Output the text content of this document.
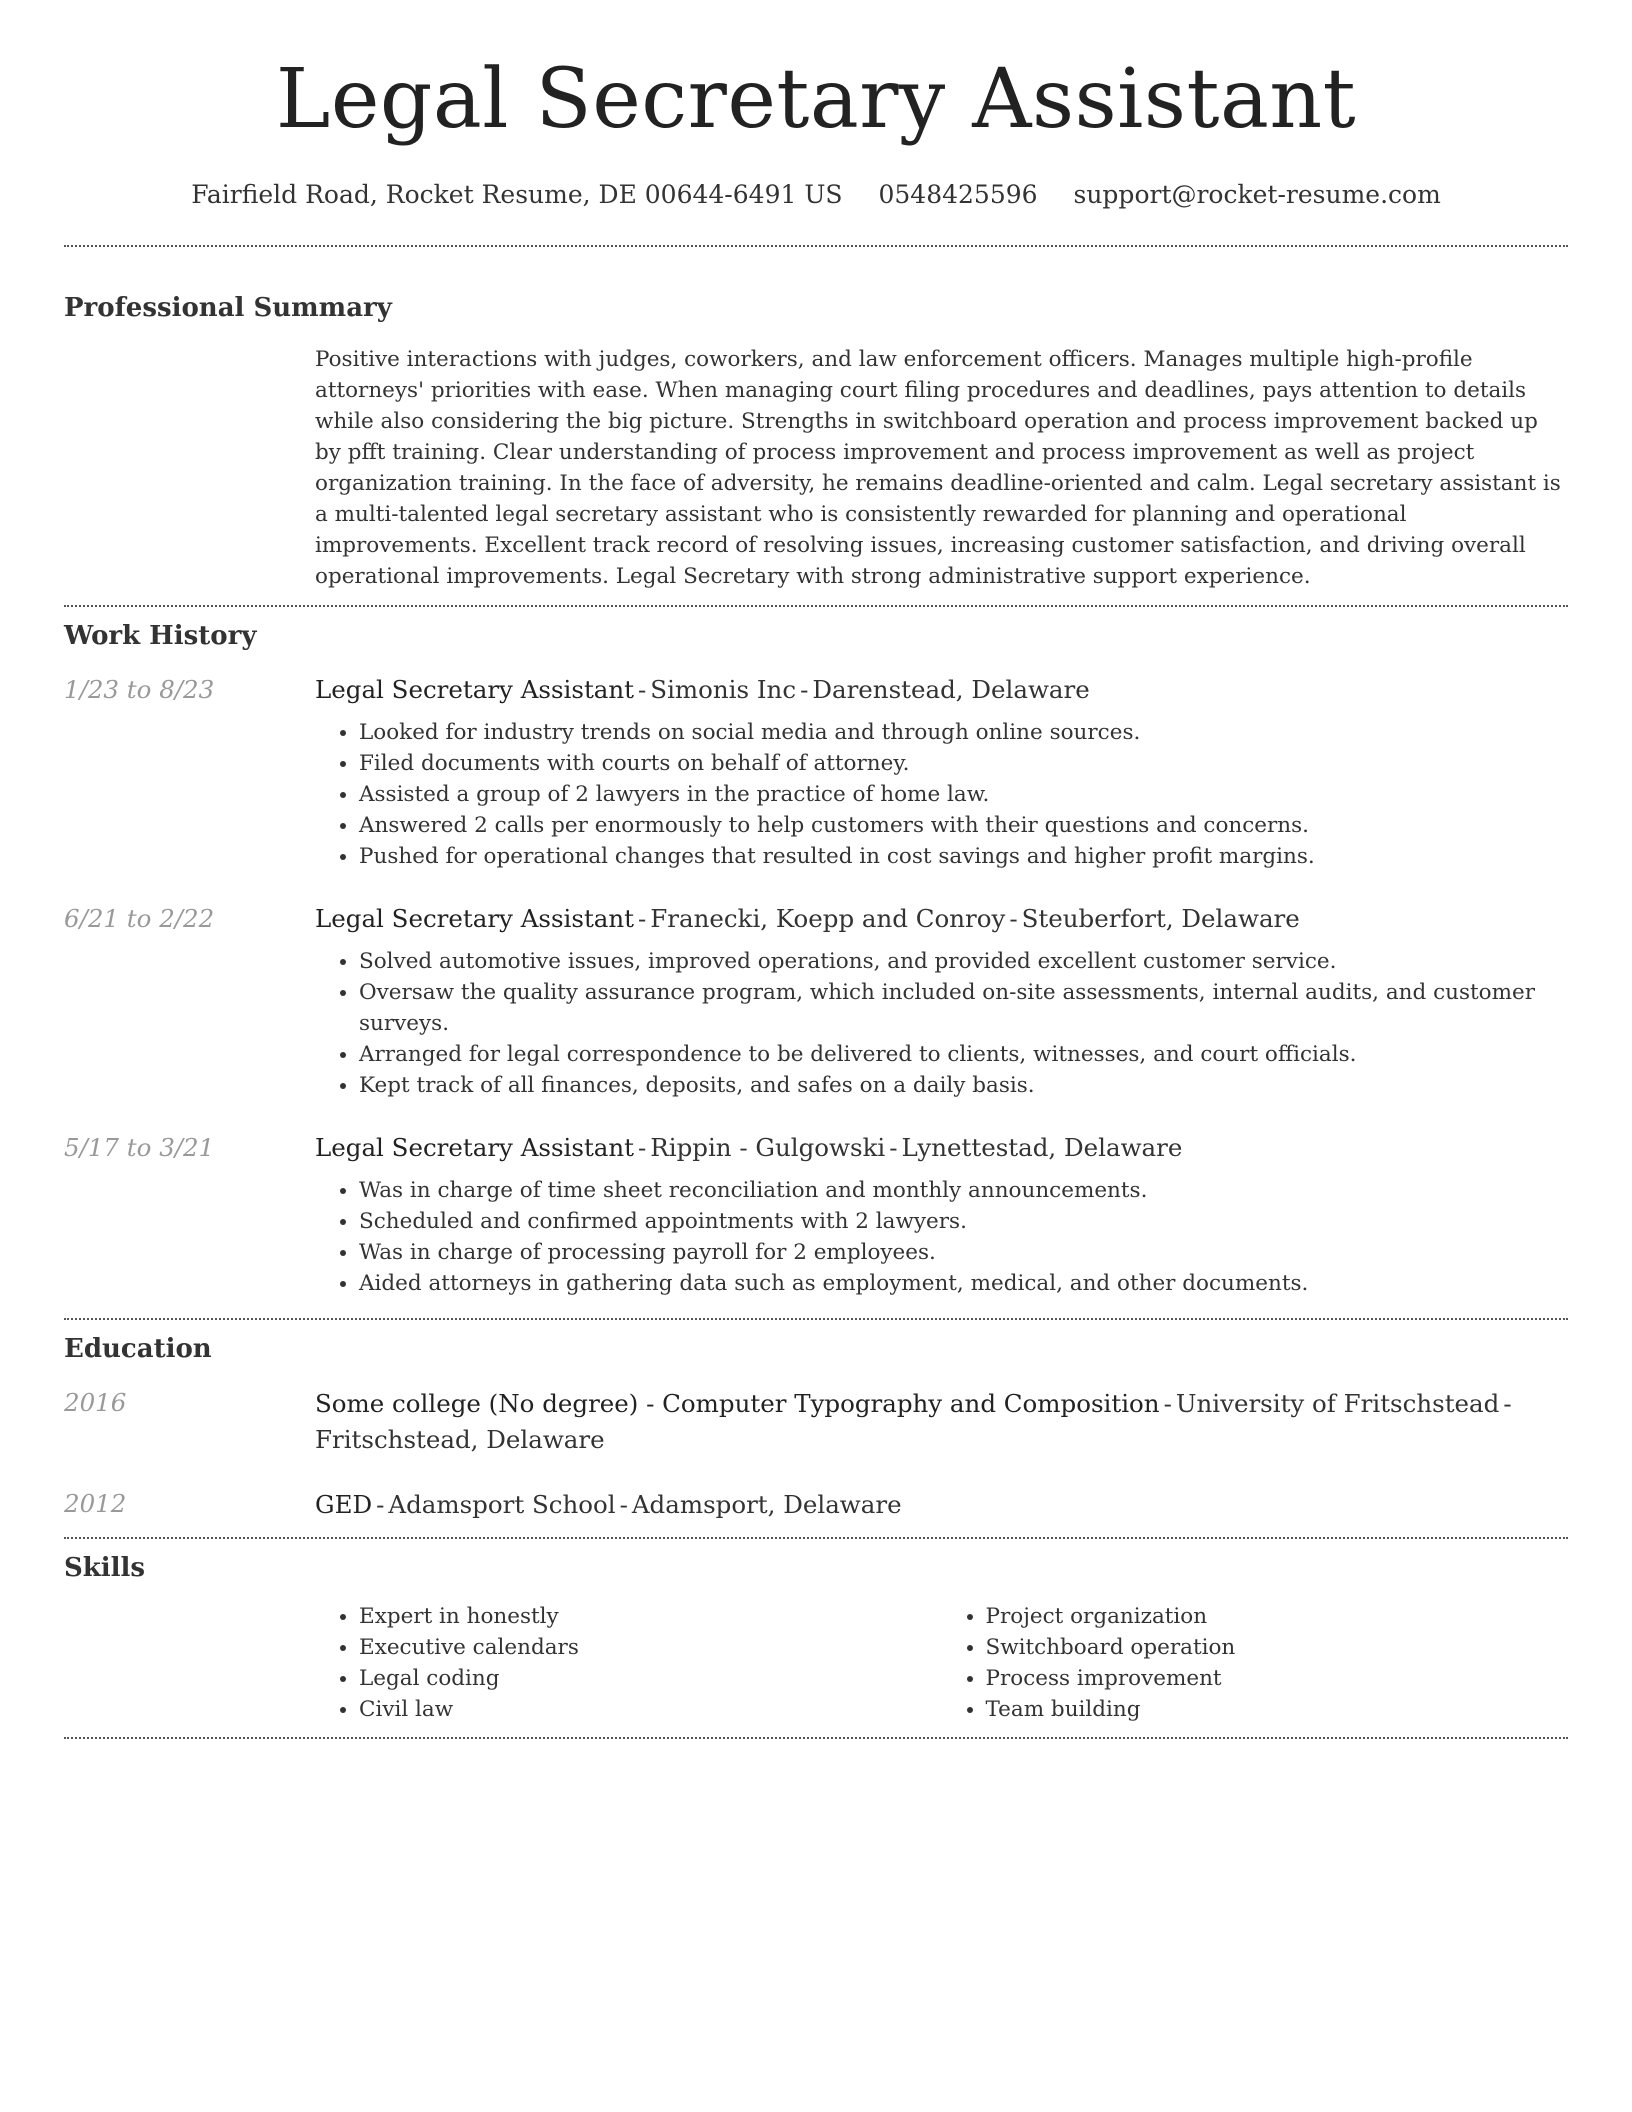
Legal Secretary Assistant
Fairfield Road, Rocket Resume, DE 00644-6491 US 0548425596 support@rocket-resume.com
Professional Summary
Positive interactions with judges, coworkers, and law enforcement officers. Manages multiple high-profile attorneys' priorities with ease. When managing court filing procedures and deadlines, pays attention to details while also considering the big picture. Strengths in switchboard operation and process improvement backed up by pfft training. Clear understanding of process improvement and process improvement as well as project organization training. In the face of adversity, he remains deadline-oriented and calm. Legal secretary assistant is a multi-talented legal secretary assistant who is consistently rewarded for planning and operational improvements. Excellent track record of resolving issues, increasing customer satisfaction, and driving overall operational improvements. Legal Secretary with strong administrative support experience.
Work History
1/23 to 8/23	Legal Secretary Assistant - Simonis Inc - Darenstead, Delaware
• Looked for industry trends on social media and through online sources.
• Filed documents with courts on behalf of attorney.
• Assisted a group of 2 lawyers in the practice of home law.
• Answered 2 calls per enormously to help customers with their questions and concerns.
• Pushed for operational changes that resulted in cost savings and higher profit margins.
6/21 to 2/22	Legal Secretary Assistant - Franecki, Koepp and Conroy - Steuberfort, Delaware
• Solved automotive issues, improved operations, and provided excellent customer service.
• Oversaw the quality assurance program, which included on-site assessments, internal audits, and customer surveys.
• Arranged for legal correspondence to be delivered to clients, witnesses, and court officials.
• Kept track of all finances, deposits, and safes on a daily basis.
5/17 to 3/21	Legal Secretary Assistant - Rippin - Gulgowski - Lynettestad, Delaware
• Was in charge of time sheet reconciliation and monthly announcements.
• Scheduled and confirmed appointments with 2 lawyers.
• Was in charge of processing payroll for 2 employees.
• Aided attorneys in gathering data such as employment, medical, and other documents.
Education
2016	Some college (No degree) - Computer Typography and Composition - University of Fritschstead -Fritschstead, Delaware
2012	GED - Adamsport School - Adamsport, Delaware
Skills
• Expert in honestly
• Executive calendars
• Legal coding
• Civil law
• Project organization
• Switchboard operation
• Process improvement
• Team building
